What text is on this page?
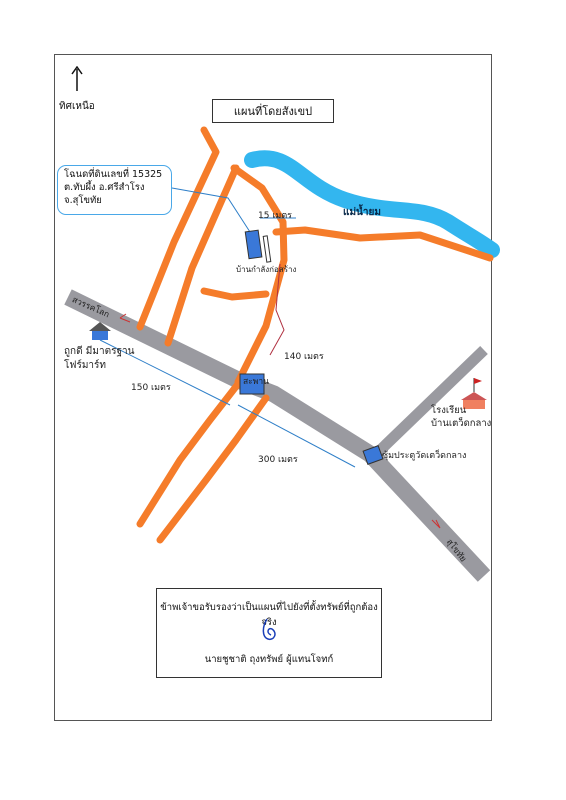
ทิศเหนือ	แผนที่โดยสังเขป
โฉนดที่ดินเลขที่ 15325
ต.ทับผึ้ง อ.ศรีสำโรง
จ.สุโขทัย
แม่น้ำยม
15 เมตร
บ้านกำลังก่อสร้าง
140 เมตร
150 เมตร
300 เมตร
สะพาน
ซุ้มประตูวัดเตว็ดกลาง
โรงเรียน
บ้านเตว็ดกลาง
ถูกดี มีมาตรฐาน
โฟร์มาร์ท
สวรรคโลก
สุโขทัย
ข้าพเจ้าขอรับรองว่าเป็นแผนที่ไปยังที่ตั้งทรัพย์ที่ถูกต้องจริง
นายชูชาติ ถุงทรัพย์ ผู้แทนโจทก์
